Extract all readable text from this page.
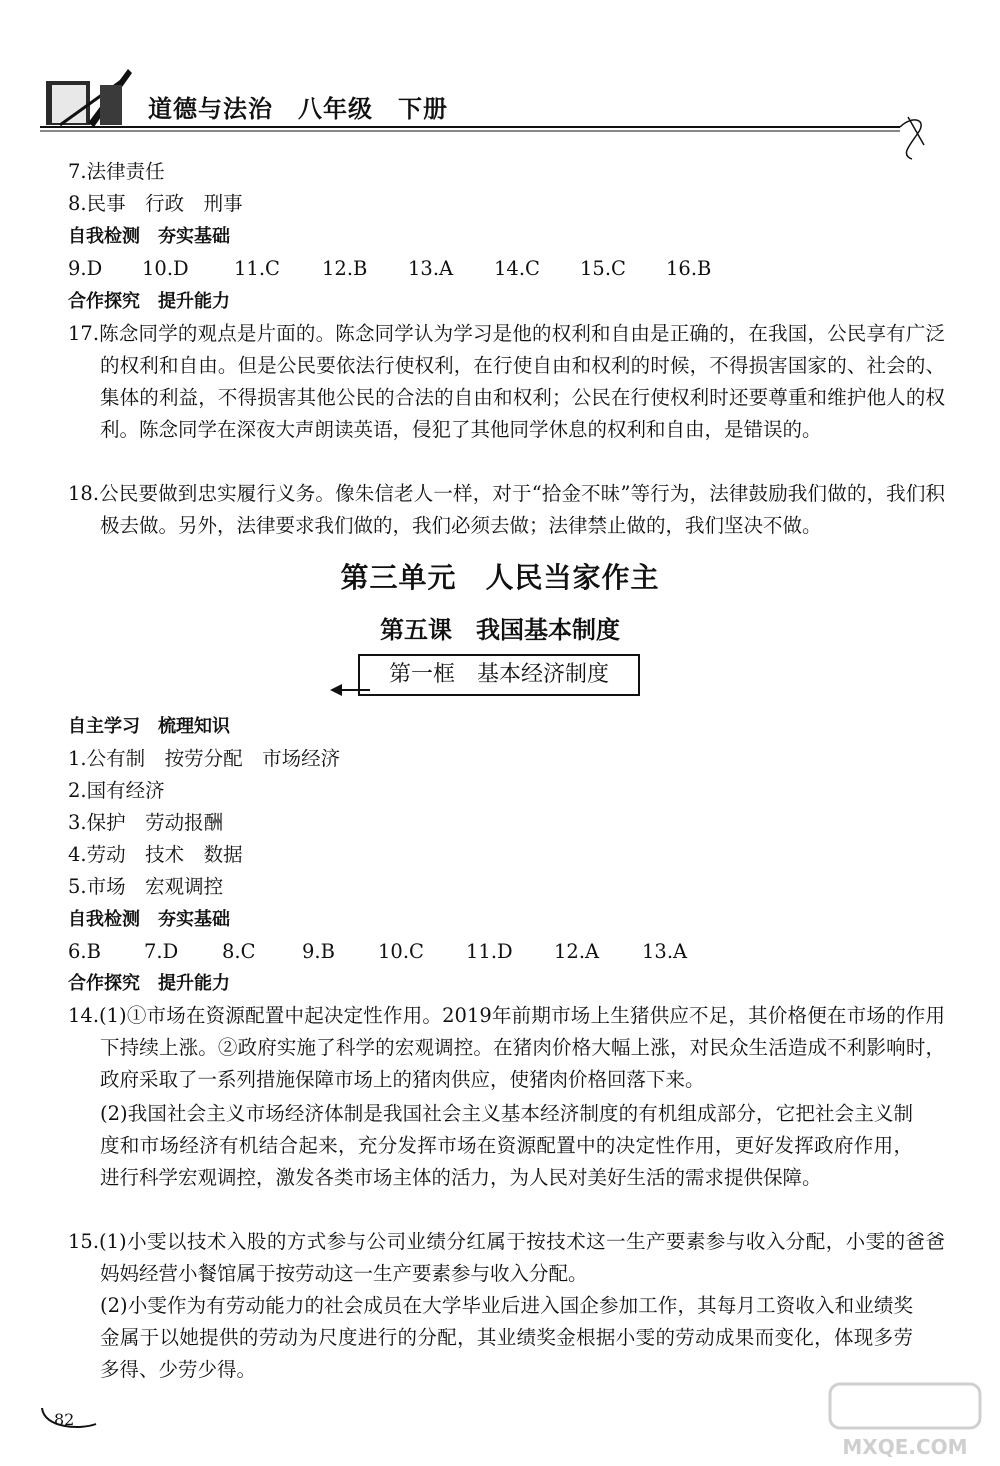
道德与法治　八年级　下册
7.法律责任
8.民事　行政　刑事
自我检测　夯实基础
9.D	10.D	11.C	12.B	13.A	14.C	15.C	16.B
合作探究　提升能力
17.陈念同学的观点是片面的。陈念同学认为学习是他的权利和自由是正确的，在我国，公民享有广泛的权利和自由。但是公民要依法行使权利，在行使自由和权利的时候，不得损害国家的、社会的、集体的利益，不得损害其他公民的合法的自由和权利；公民在行使权利时还要尊重和维护他人的权利。陈念同学在深夜大声朗读英语，侵犯了其他同学休息的权利和自由，是错误的。
18.公民要做到忠实履行义务。像朱信老人一样，对于“拾金不昧”等行为，法律鼓励我们做的，我们积极去做。另外，法律要求我们做的，我们必须去做；法律禁止做的，我们坚决不做。
第三单元　人民当家作主
第五课　我国基本制度
第一框　基本经济制度
自主学习　梳理知识
1.公有制　按劳分配　市场经济
2.国有经济
3.保护　劳动报酬
4.劳动　技术　数据
5.市场　宏观调控
自我检测　夯实基础
6.B	7.D	8.C	9.B	10.C	11.D	12.A	13.A
合作探究　提升能力
14.(1)①市场在资源配置中起决定性作用。2019年前期市场上生猪供应不足，其价格便在市场的作用下持续上涨。②政府实施了科学的宏观调控。在猪肉价格大幅上涨，对民众生活造成不利影响时，政府采取了一系列措施保障市场上的猪肉供应，使猪肉价格回落下来。
(2)我国社会主义市场经济体制是我国社会主义基本经济制度的有机组成部分，它把社会主义制度和市场经济有机结合起来，充分发挥市场在资源配置中的决定性作用，更好发挥政府作用，进行科学宏观调控，激发各类市场主体的活力，为人民对美好生活的需求提供保障。
15.(1)小雯以技术入股的方式参与公司业绩分红属于按技术这一生产要素参与收入分配，小雯的爸爸妈妈经营小餐馆属于按劳动这一生产要素参与收入分配。
(2)小雯作为有劳动能力的社会成员在大学毕业后进入国企参加工作，其每月工资收入和业绩奖金属于以她提供的劳动为尺度进行的分配，其业绩奖金根据小雯的劳动成果而变化，体现多劳多得、少劳少得。
82
MXQE.COM
